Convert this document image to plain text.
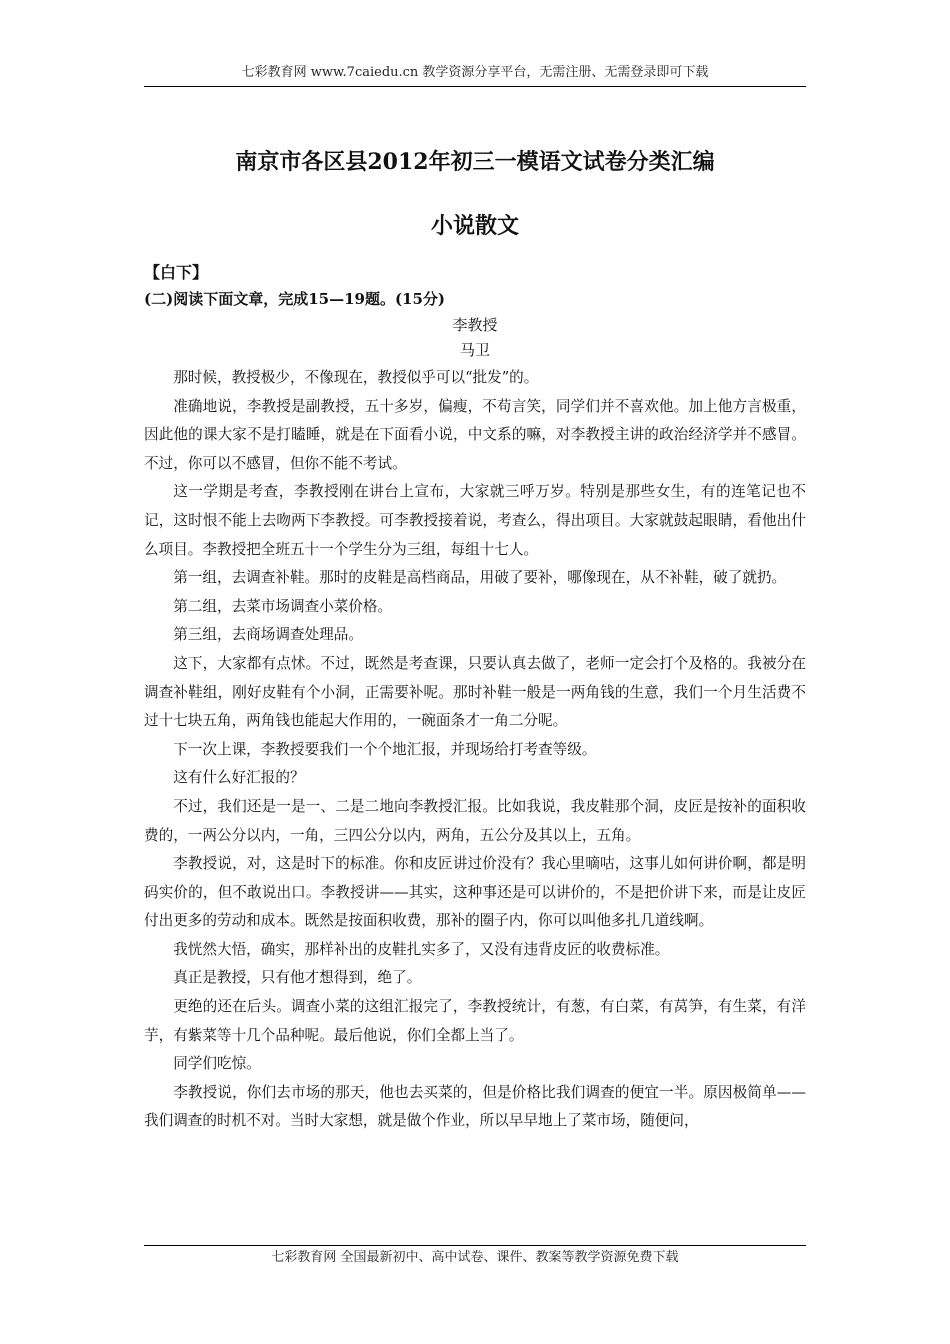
七彩教育网 www.7caiedu.cn 教学资源分享平台，无需注册、无需登录即可下载
南京市各区县2012年初三一模语文试卷分类汇编
小说散文
【白下】
(二)阅读下面文章，完成15—19题。(15分)
李教授
马卫

那时候，教授极少，不像现在，教授似乎可以“批发”的。

准确地说，李教授是副教授，五十多岁，偏瘦，不苟言笑，同学们并不喜欢他。加上他方言极重，因此他的课大家不是打瞌睡，就是在下面看小说，中文系的嘛，对李教授主讲的政治经济学并不感冒。不过，你可以不感冒，但你不能不考试。

这一学期是考查，李教授刚在讲台上宣布，大家就三呼万岁。特别是那些女生，有的连笔记也不记，这时恨不能上去吻两下李教授。可李教授接着说，考查么，得出项目。大家就鼓起眼睛，看他出什么项目。李教授把全班五十一个学生分为三组，每组十七人。

第一组，去调查补鞋。那时的皮鞋是高档商品，用破了要补，哪像现在，从不补鞋，破了就扔。

第二组，去菜市场调查小菜价格。

第三组，去商场调查处理品。

这下，大家都有点怵。不过，既然是考查课，只要认真去做了，老师一定会打个及格的。我被分在调查补鞋组，刚好皮鞋有个小洞，正需要补呢。那时补鞋一般是一两角钱的生意，我们一个月生活费不过十七块五角，两角钱也能起大作用的，一碗面条才一角二分呢。

下一次上课，李教授要我们一个个地汇报，并现场给打考查等级。

这有什么好汇报的？

不过，我们还是一是一、二是二地向李教授汇报。比如我说，我皮鞋那个洞，皮匠是按补的面积收费的，一两公分以内，一角，三四公分以内，两角，五公分及其以上，五角。

李教授说，对，这是时下的标准。你和皮匠讲过价没有？我心里嘀咕，这事儿如何讲价啊，都是明码实价的，但不敢说出口。李教授讲——其实，这种事还是可以讲价的，不是把价讲下来，而是让皮匠付出更多的劳动和成本。既然是按面积收费，那补的圈子内，你可以叫他多扎几道线啊。

我恍然大悟，确实，那样补出的皮鞋扎实多了，又没有违背皮匠的收费标准。

真正是教授，只有他才想得到，绝了。

更绝的还在后头。调查小菜的这组汇报完了，李教授统计，有葱，有白菜，有莴笋，有生菜，有洋芋，有紫菜等十几个品种呢。最后他说，你们全都上当了。

同学们吃惊。

李教授说，你们去市场的那天，他也去买菜的，但是价格比我们调查的便宜一半。原因极简单——我们调查的时机不对。当时大家想，就是做个作业，所以早早地上了菜市场，随便问，

七彩教育网 全国最新初中、高中试卷、课件、教案等教学资源免费下载
